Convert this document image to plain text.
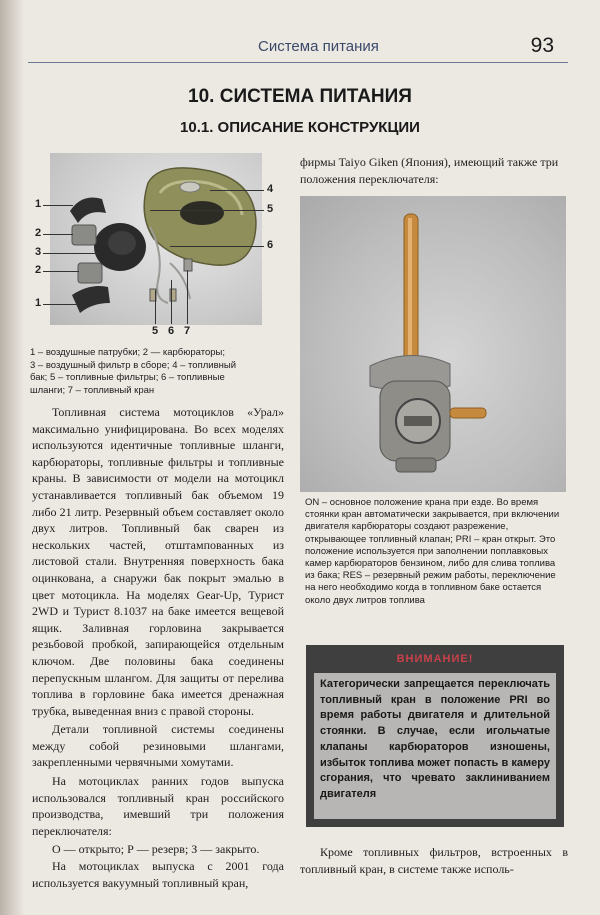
Система питания	93
10. СИСТЕМА ПИТАНИЯ
10.1. ОПИСАНИЕ КОНСТРУКЦИИ
1
2
3
2
1
4
5
6
5 6 7

1 – воздушные патрубки; 2 — карбюраторы;

3 – воздушный фильтр в сборе; 4 – топливный

бак; 5 – топливные фильтры; 6 – топливные

шланги; 7 – топливный кран

Топливная система мотоциклов «Урал» максимально унифицирована. Во всех моделях используются идентичные топливные шланги, карбюраторы, топливные фильтры и топливные краны. В зависимости от модели на мотоцикл устанавливается топливный бак объемом 19 либо 21 литр. Резервный объем составляет около двух литров. Топливный бак сварен из нескольких частей, отштампованных из листовой стали. Внутренняя поверхность бака оцинкована, а снаружи бак покрыт эмалью в цвет мотоцикла. На моделях Gear-Up, Турист 2WD и Турист 8.1037 на баке имеется вещевой ящик. Заливная горловина закрывается резьбовой пробкой, запирающейся отдельным ключом. Две половины бака соединены перепускным шлангом. Для защиты от перелива топлива в горловине бака имеется дренажная трубка, выведенная вниз с правой стороны.

Детали топливной системы соединены между собой резиновыми шлангами, закрепленными червячными хомутами.

На мотоциклах ранних годов выпуска использовался топливный кран российского производства, имевший три положения переключателя:

О — открыто; Р — резерв; З — закрыто.

На мотоциклах выпуска с 2001 года используется вакуумный топливный кран,

фирмы Taiyo Giken (Япония), имеющий также три положения переключателя:

ON – основное положение крана при езде. Во время стоянки кран автоматически закрывается, при включении двигателя карбюраторы создают разрежение, открывающее топливный клапан; PRI – кран открыт. Это положение используется при заполнении поплавковых камер карбюраторов бензином, либо для слива топлива из бака; RES – резервный режим работы, переключение на него необходимо когда в топливном баке остается около двух литров топлива

ВНИМАНИЕ!

Категорически запрещается переключать топливный кран в положение PRI во время работы двигателя и длительной стоянки. В случае, если игольчатые клапаны карбюраторов изношены, избыток топлива может попасть в камеру сгорания, что чревато заклиниванием двигателя

Кроме топливных фильтров, встроенных в топливный кран, в системе также исполь-
